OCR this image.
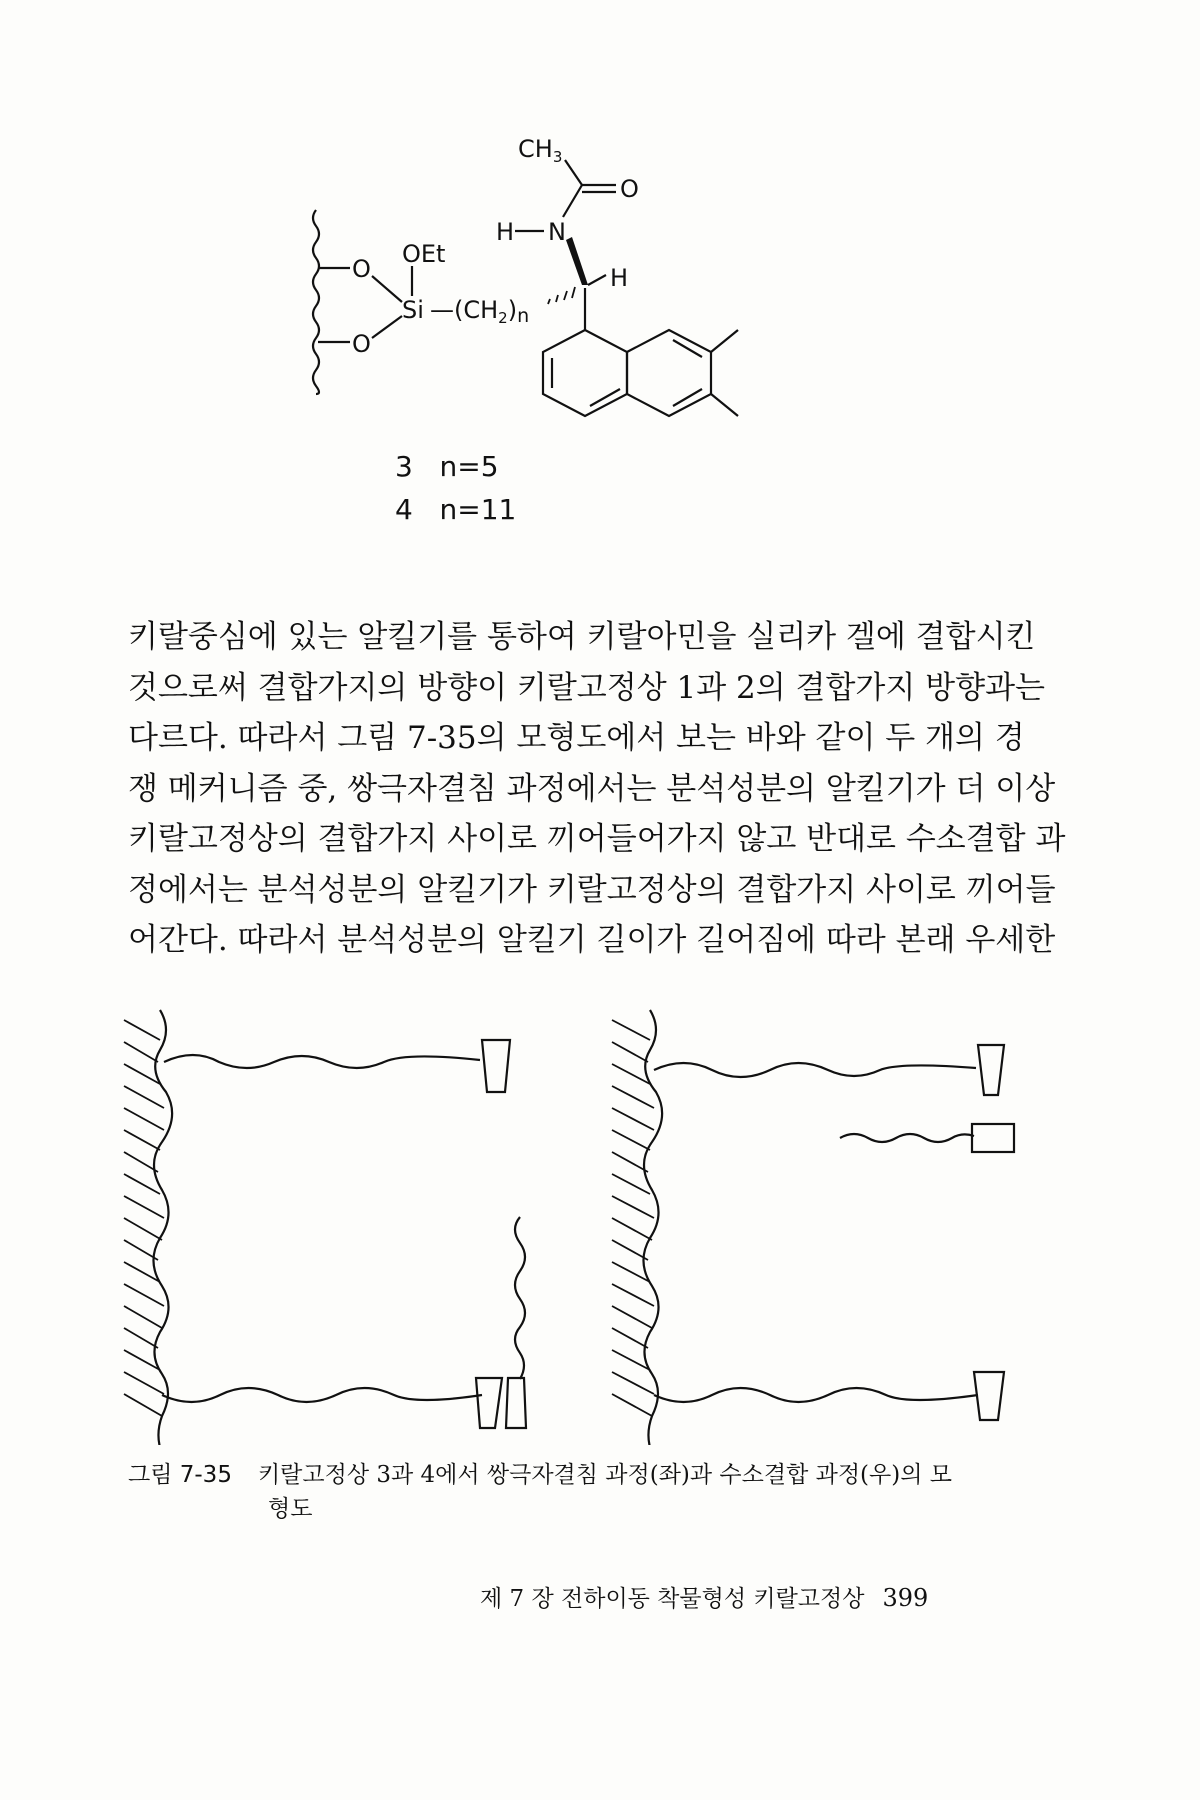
O
O
Si
OEt
$—(CH_2)n$
H
N
H
O
$CH_3$
3 n=5
4 n=11

키랄중심에 있는 알킬기를 통하여 키랄아민을 실리카 겔에 결합시킨
것으로써 결합가지의 방향이 키랄고정상 1과 2의 결합가지 방향과는
다르다. 따라서 그림 7-35의 모형도에서 보는 바와 같이 두 개의 경
쟁 메커니즘 중, 쌍극자결침 과정에서는 분석성분의 알킬기가 더 이상
키랄고정상의 결합가지 사이로 끼어들어가지 않고 반대로 수소결합 과
정에서는 분석성분의 알킬기가 키랄고정상의 결합가지 사이로 끼어들
어간다. 따라서 분석성분의 알킬기 길이가 길어짐에 따라 본래 우세한

그림 7-35 키랄고정상 3과 4에서 쌍극자결침 과정(좌)과 수소결합 과정(우)의 모
형도
제 7 장 전하이동 착물형성 키랄고정상 399
